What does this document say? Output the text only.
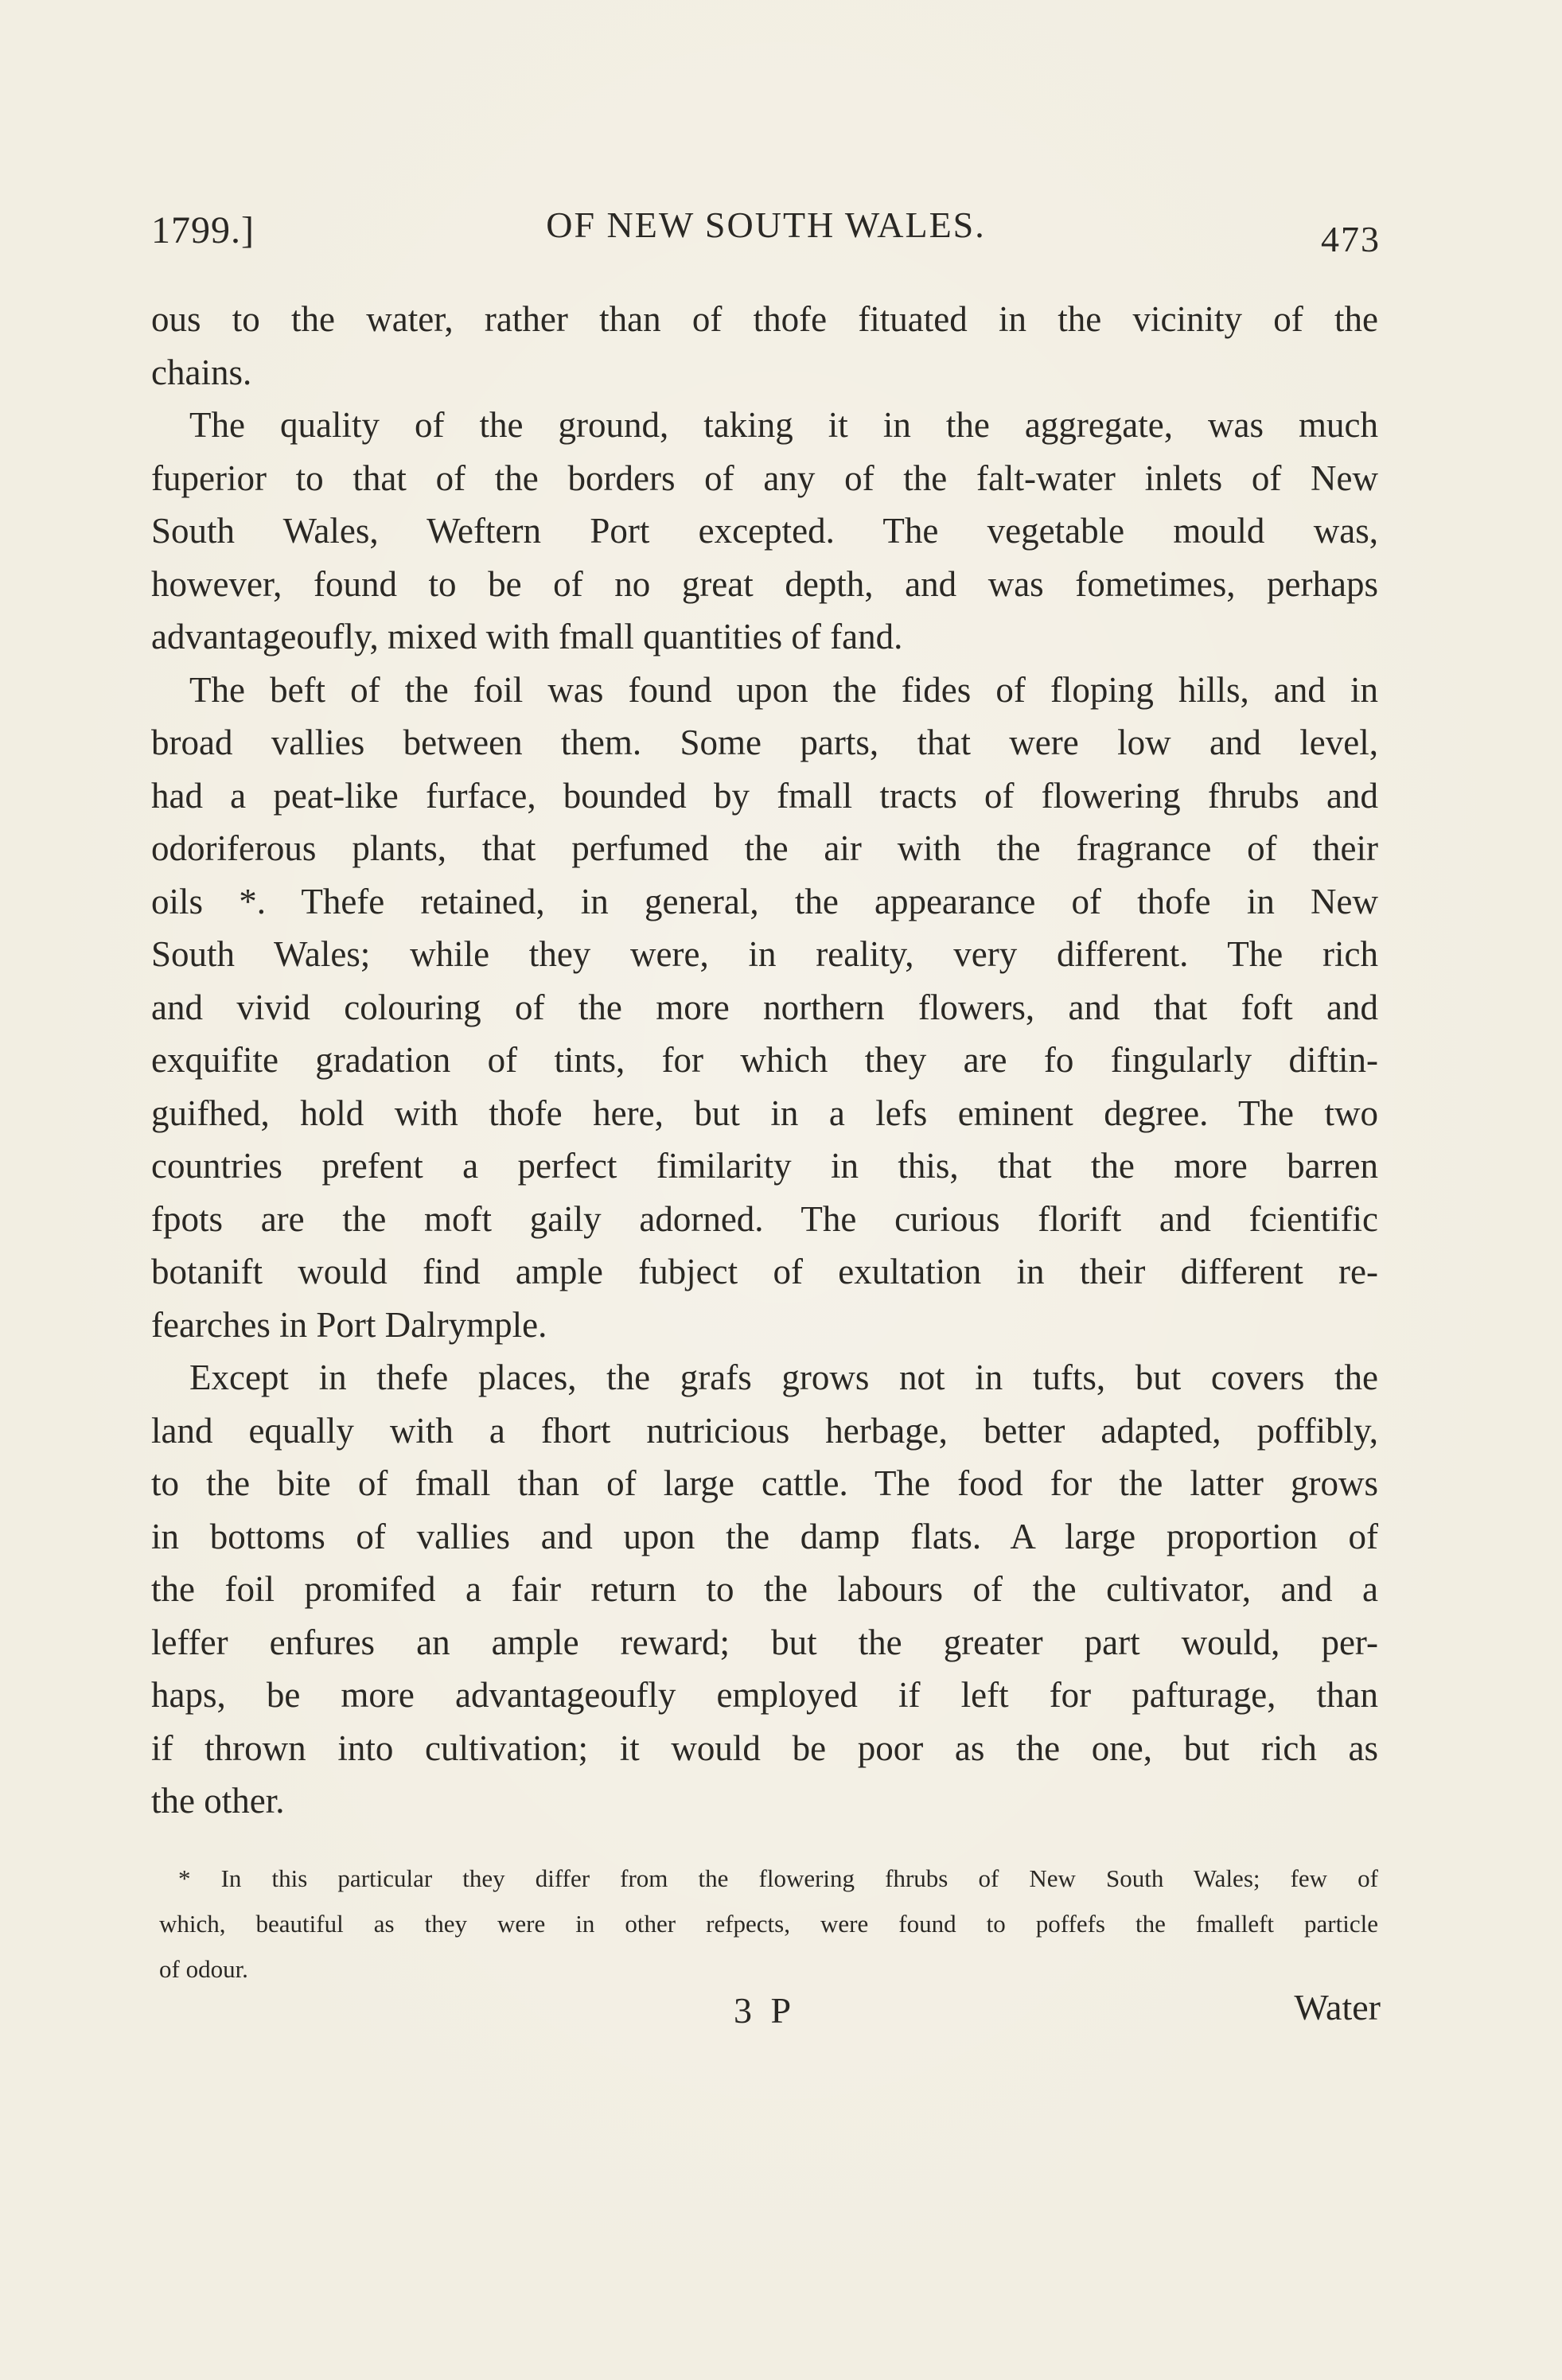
1799.]	OF NEW SOUTH WALES.	473
ous to the water, rather than of thofe fituated in the vicinity of the
chains.
The quality of the ground, taking it in the aggregate, was much
fuperior to that of the borders of any of the falt-water inlets of New
South Wales, Weftern Port excepted. The vegetable mould was,
however, found to be of no great depth, and was fometimes, perhaps
advantageoufly, mixed with fmall quantities of fand.
The beft of the foil was found upon the fides of floping hills, and in
broad vallies between them. Some parts, that were low and level,
had a peat-like furface, bounded by fmall tracts of flowering fhrubs and
odoriferous plants, that perfumed the air with the fragrance of their
oils *. Thefe retained, in general, the appearance of thofe in New
South Wales; while they were, in reality, very different. The rich
and vivid colouring of the more northern flowers, and that foft and
exquifite gradation of tints, for which they are fo fingularly diftin-
guifhed, hold with thofe here, but in a lefs eminent degree. The two
countries prefent a perfect fimilarity in this, that the more barren
fpots are the moft gaily adorned. The curious florift and fcientific
botanift would find ample fubject of exultation in their different re-
fearches in Port Dalrymple.
Except in thefe places, the grafs grows not in tufts, but covers the
land equally with a fhort nutricious herbage, better adapted, poffibly,
to the bite of fmall than of large cattle. The food for the latter grows
in bottoms of vallies and upon the damp flats. A large proportion of
the foil promifed a fair return to the labours of the cultivator, and a
leffer enfures an ample reward; but the greater part would, per-
haps, be more advantageoufly employed if left for pafturage, than
if thrown into cultivation; it would be poor as the one, but rich as
the other.
* In this particular they differ from the flowering fhrubs of New South Wales; few of
which, beautiful as they were in other refpects, were found to poffefs the fmalleft particle
of odour.
3 P	Water
